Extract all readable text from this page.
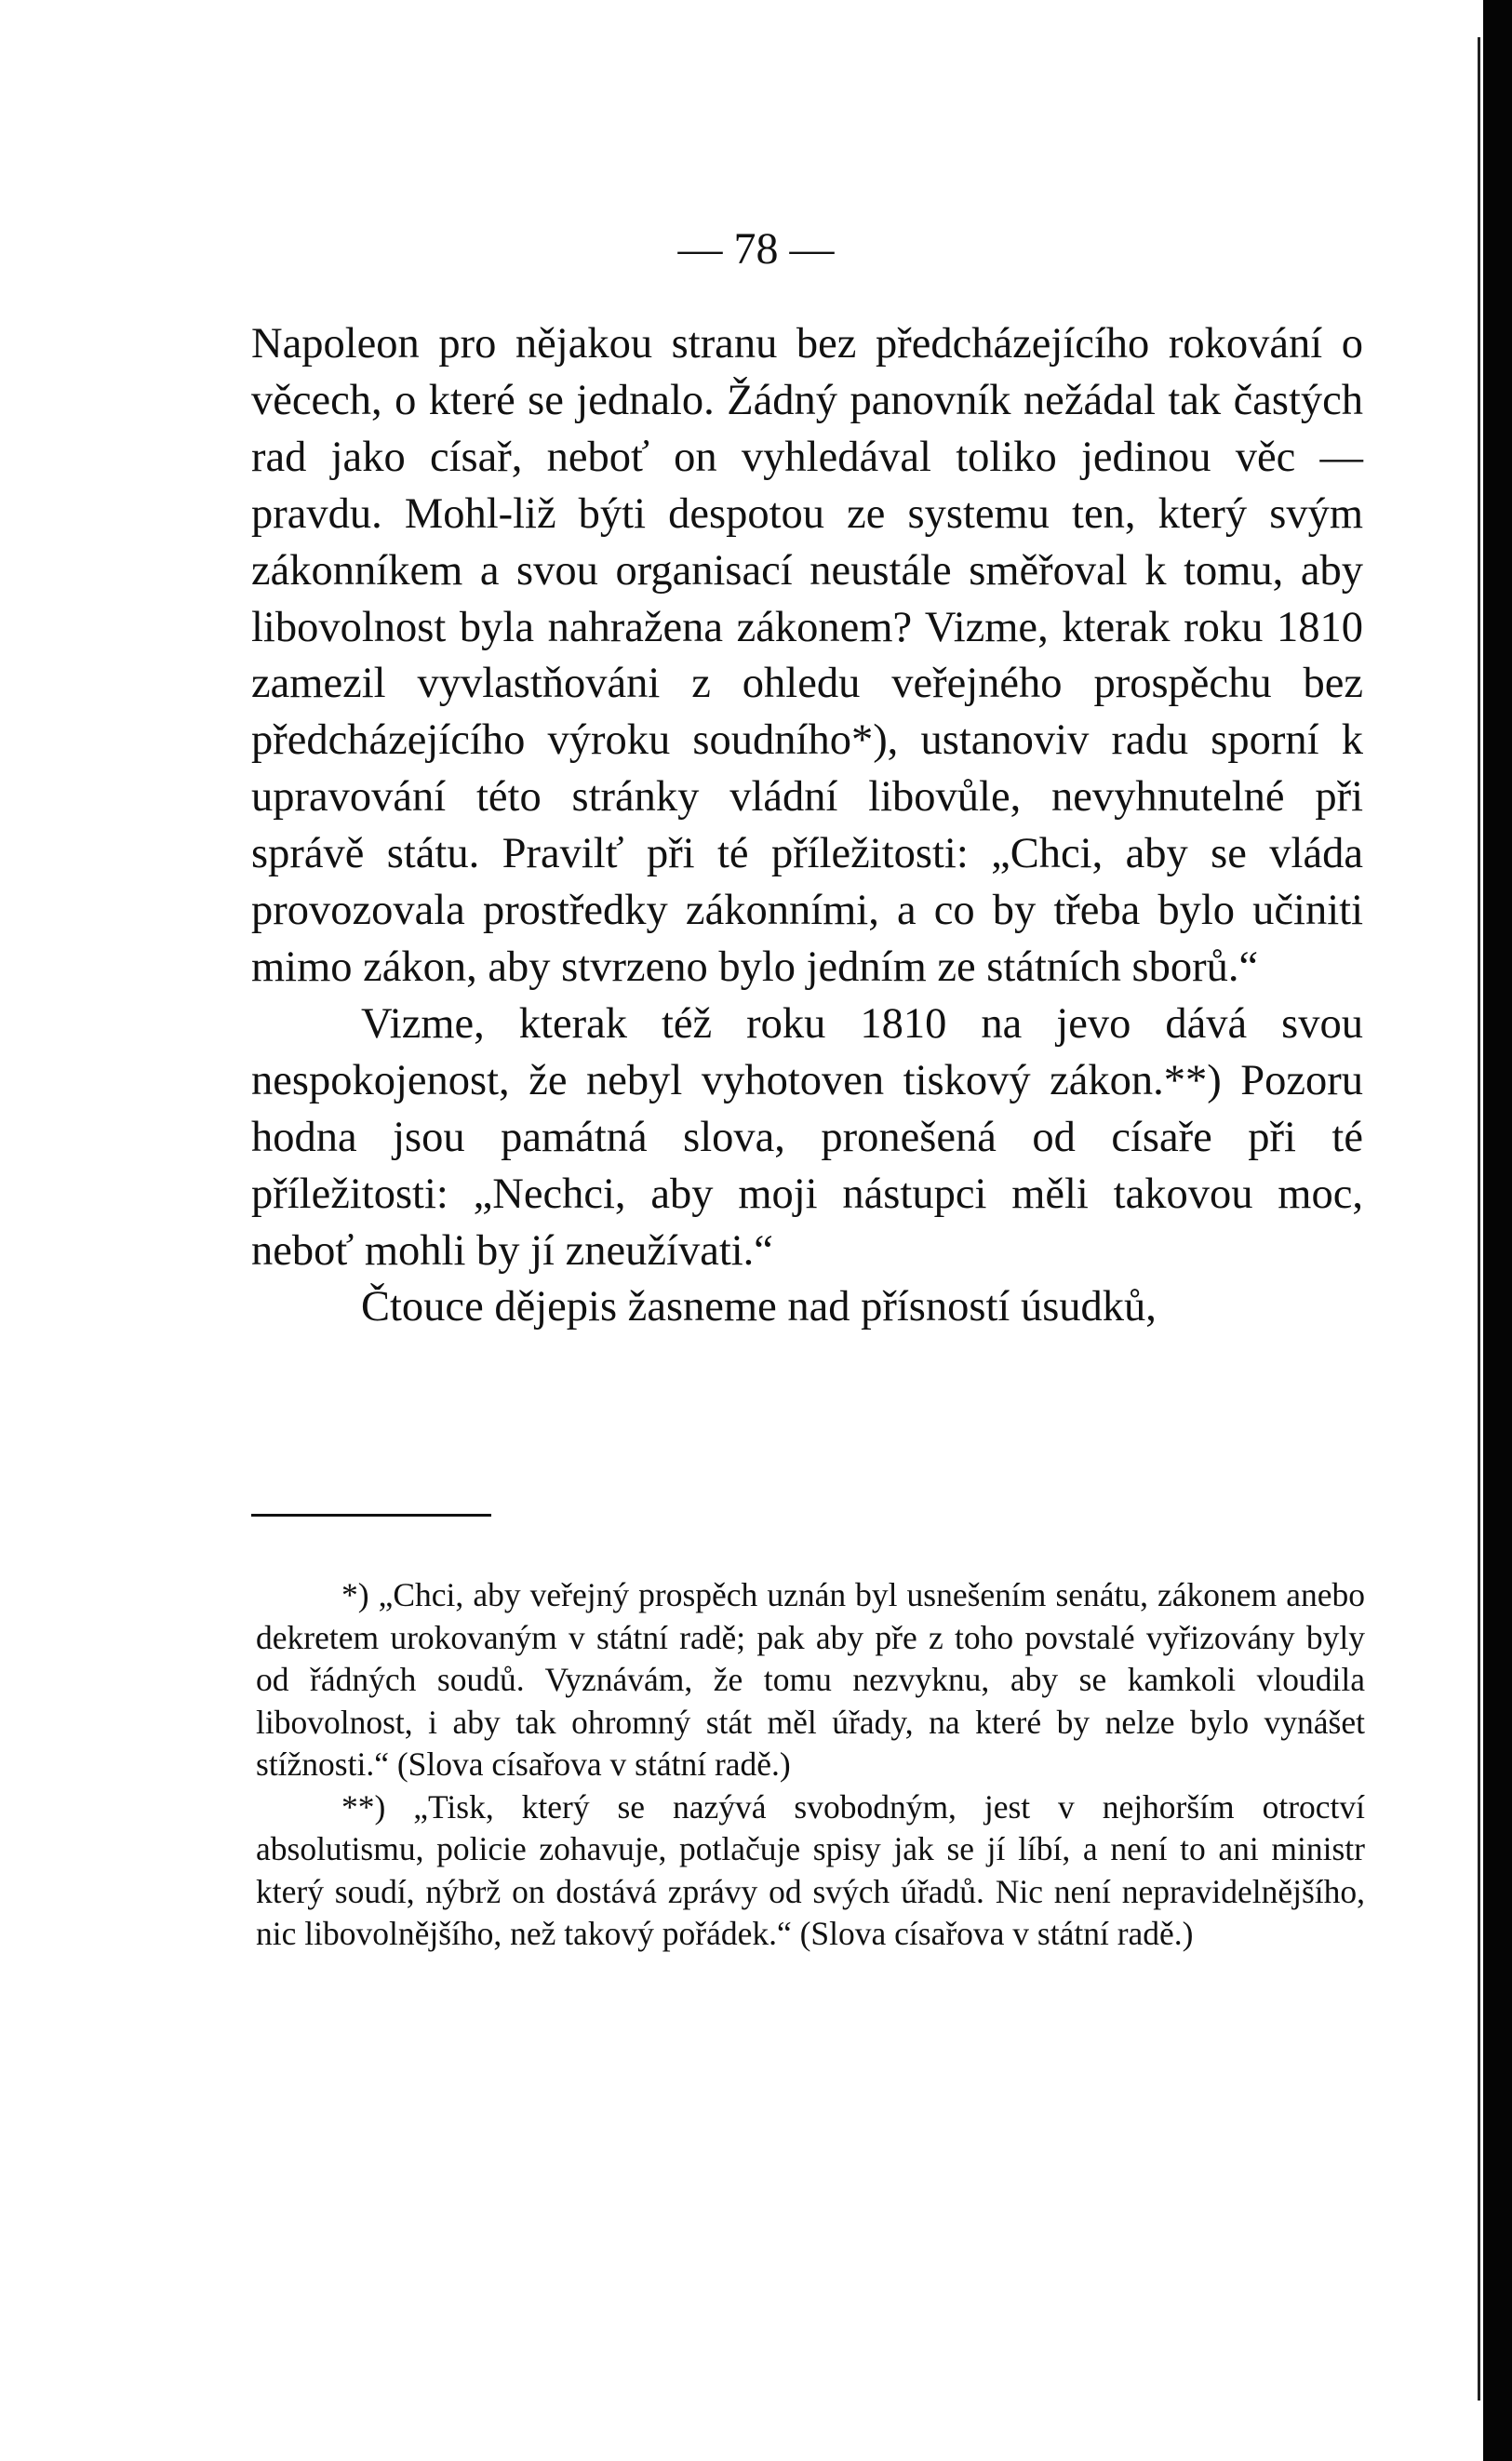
— 78 —

Napoleon pro nějakou stranu bez předcházejícího rokování o věcech, o které se jednalo. Žádný panovník nežádal tak častých rad jako císař, neboť on vyhledával toliko jedinou věc — pravdu. Mohl-liž býti despotou ze systemu ten, který svým zákonníkem a svou organisací neustále směřoval k tomu, aby libovolnost byla nahražena zákonem? Vizme, kterak roku 1810 zamezil vyvlastňováni z ohledu veřejného prospěchu bez předcházejícího výroku soudního*), ustanoviv radu sporní k upravování této stránky vládní libovůle, nevyhnutelné při správě státu. Pravilť při té příležitosti: „Chci, aby se vláda provozovala prostředky zákonními, a co by třeba bylo učiniti mimo zákon, aby stvrzeno bylo jedním ze státních sborů.“

Vizme, kterak též roku 1810 na jevo dává svou nespokojenost, že nebyl vyhotoven tiskový zákon.**) Pozoru hodna jsou památná slova, pronešená od císaře při té příležitosti: „Nechci, aby moji nástupci měli takovou moc, neboť mohli by jí zneužívati.“

Čtouce dějepis žasneme nad přísností úsudků,

*) „Chci, aby veřejný prospěch uznán byl usnešením senátu, zákonem anebo dekretem urokovaným v státní radě; pak aby pře z toho povstalé vyřizovány byly od řádných soudů. Vyznávám, že tomu nezvyknu, aby se kamkoli vloudila libovolnost, i aby tak ohromný stát měl úřady, na které by nelze bylo vynášet stížnosti.“ (Slova císařova v státní radě.)

**) „Tisk, který se nazývá svobodným, jest v nejhorším otroctví absolutismu, policie zohavuje, potlačuje spisy jak se jí líbí, a není to ani ministr který soudí, nýbrž on dostává zprávy od svých úřadů. Nic není nepravidelnějšího, nic libovolnějšího, než takový pořádek.“ (Slova císařova v státní radě.)
